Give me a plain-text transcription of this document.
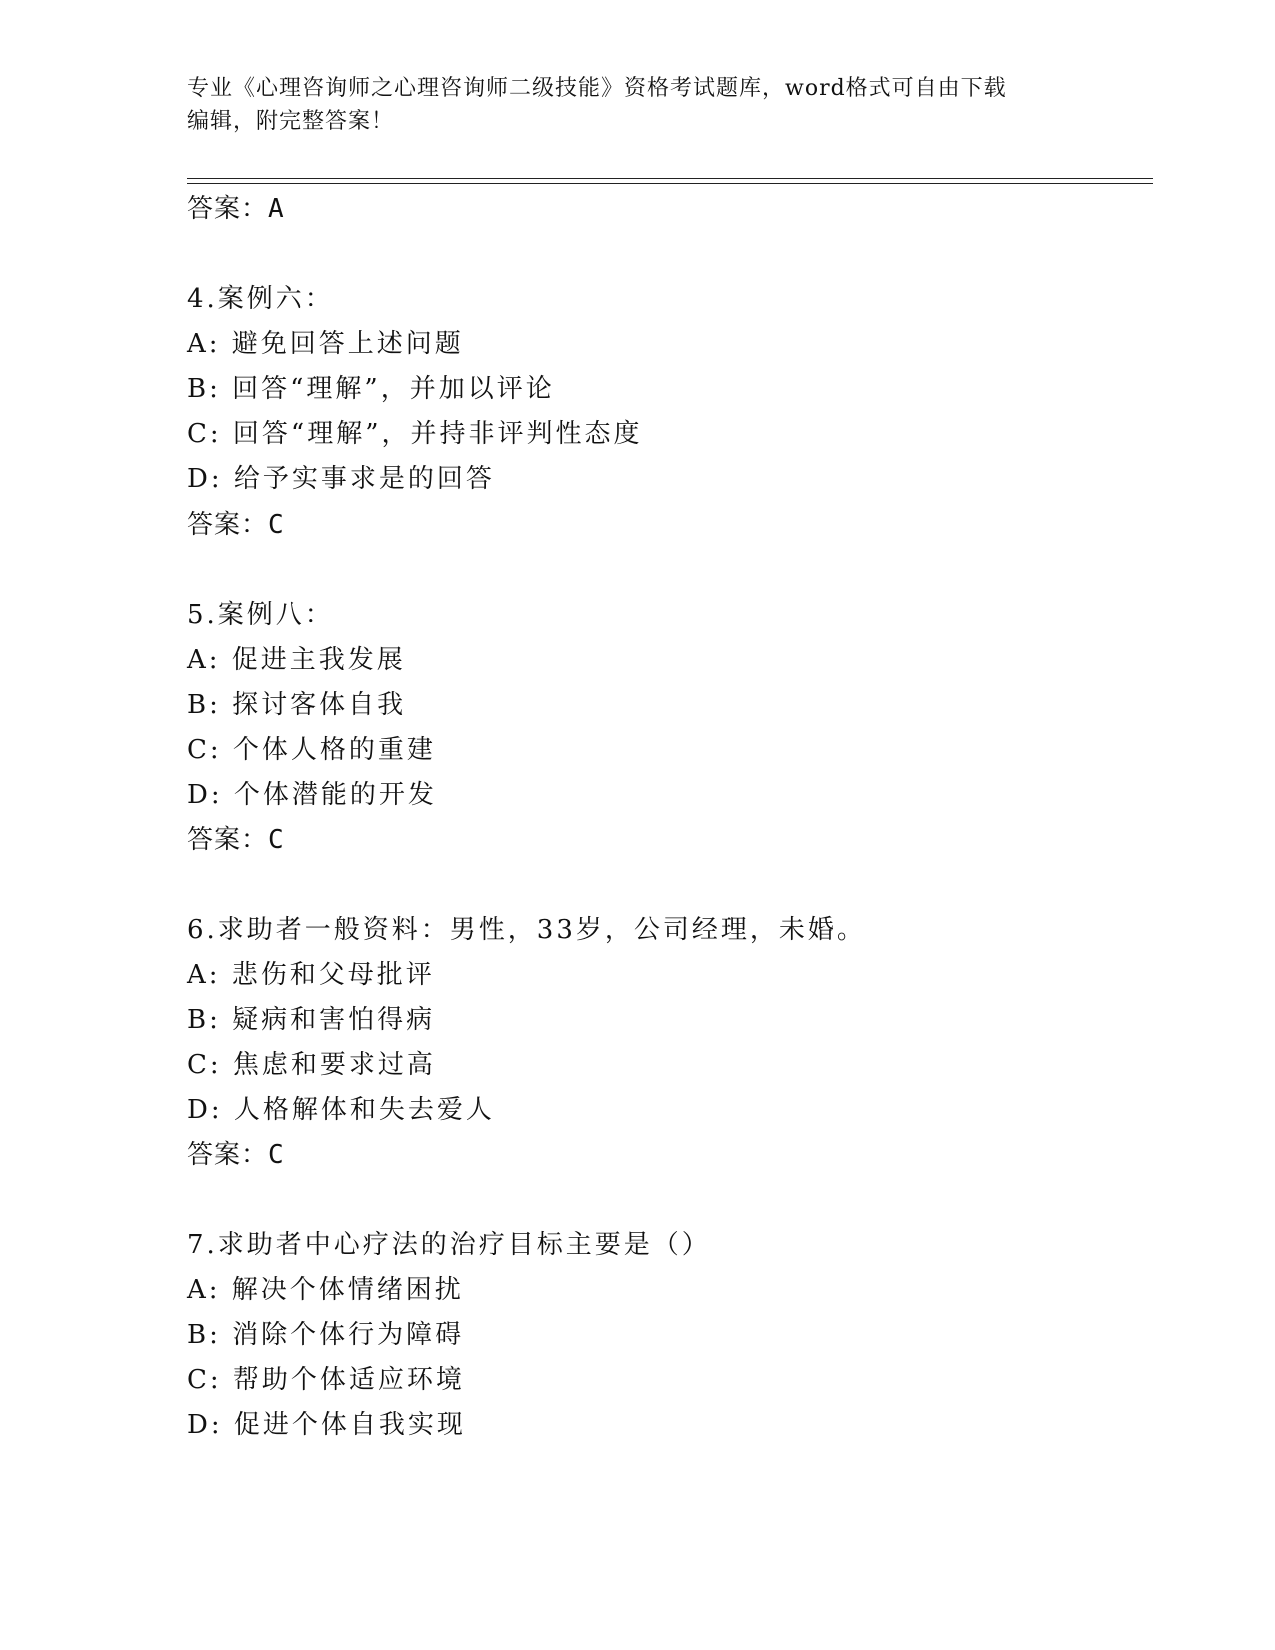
专业《心理咨询师之心理咨询师二级技能》资格考试题库，word格式可自由下载
编辑，附完整答案！
答案：A
4.案例六：
A: 避免回答上述问题
B: 回答“理解”，并加以评论
C: 回答“理解”，并持非评判性态度
D: 给予实事求是的回答
答案：C
5.案例八：
A: 促进主我发展
B: 探讨客体自我
C: 个体人格的重建
D: 个体潜能的开发
答案：C
6.求助者一般资料：男性，33岁，公司经理，未婚。
A: 悲伤和父母批评
B: 疑病和害怕得病
C: 焦虑和要求过高
D: 人格解体和失去爱人
答案：C
7.求助者中心疗法的治疗目标主要是（）
A: 解决个体情绪困扰
B: 消除个体行为障碍
C: 帮助个体适应环境
D: 促进个体自我实现
